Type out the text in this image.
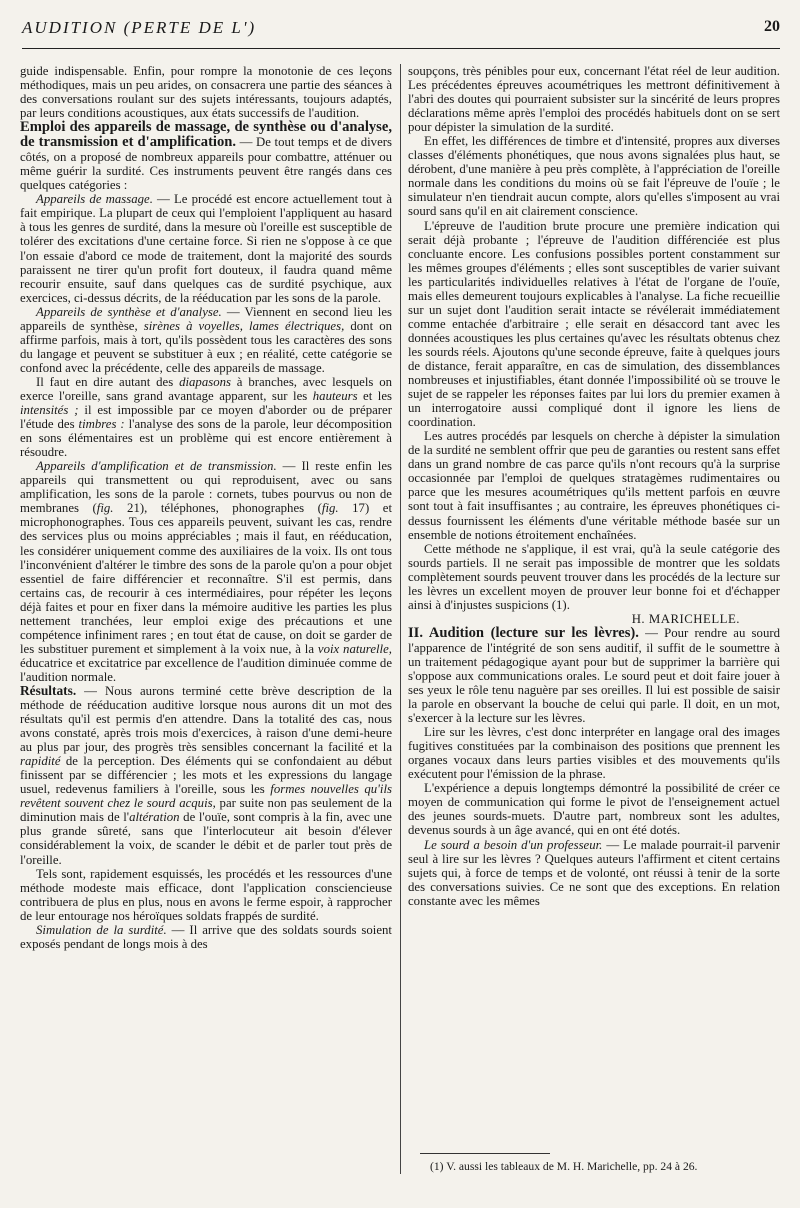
AUDITION (PERTE DE L')	20

guide indispensable. Enfin, pour rompre la monotonie de ces leçons méthodiques, mais un peu arides, on consacrera une partie des séances à des conversations roulant sur des sujets intéressants, toujours adaptés, par leurs conditions acoustiques, aux états successifs de l'audition.

Emploi des appareils de massage, de synthèse ou d'analyse, de transmission et d'amplification. — De tout temps et de divers côtés, on a proposé de nombreux appareils pour combattre, atténuer ou même guérir la surdité. Ces instruments peuvent être rangés dans ces quelques catégories :

Appareils de massage. — Le procédé est encore actuellement tout à fait empirique. La plupart de ceux qui l'emploient l'appliquent au hasard à tous les genres de surdité, dans la mesure où l'oreille est susceptible de tolérer des excitations d'une certaine force. Si rien ne s'oppose à ce que l'on essaie d'abord ce mode de traitement, dont la majorité des sourds paraissent ne tirer qu'un profit fort douteux, il faudra quand même recourir ensuite, sauf dans quelques cas de surdité psychique, aux exercices, ci-dessus décrits, de la rééducation par les sons de la parole.

Appareils de synthèse et d'analyse. — Viennent en second lieu les appareils de synthèse, sirènes à voyelles, lames électriques, dont on affirme parfois, mais à tort, qu'ils possèdent tous les caractères des sons du langage et peuvent se substituer à eux ; en réalité, cette catégorie se confond avec la précédente, celle des appareils de massage.

Il faut en dire autant des diapasons à branches, avec lesquels on exerce l'oreille, sans grand avantage apparent, sur les hauteurs et les intensités ; il est impossible par ce moyen d'aborder ou de préparer l'étude des timbres : l'analyse des sons de la parole, leur décomposition en sons élémentaires est un problème qui est encore entièrement à résoudre.

Appareils d'amplification et de transmission. — Il reste enfin les appareils qui transmettent ou qui reproduisent, avec ou sans amplification, les sons de la parole : cornets, tubes pourvus ou non de membranes (fig. 21), téléphones, phonographes (fig. 17) et microphonographes. Tous ces appareils peuvent, suivant les cas, rendre des services plus ou moins appréciables ; mais il faut, en rééducation, les considérer uniquement comme des auxiliaires de la voix. Ils ont tous l'inconvénient d'altérer le timbre des sons de la parole qu'on a pour objet essentiel de faire différencier et reconnaître. S'il est permis, dans certains cas, de recourir à ces intermédiaires, pour répéter les leçons déjà faites et pour en fixer dans la mémoire auditive les parties les plus nettement tranchées, leur emploi exige des précautions et une compétence infiniment rares ; en tout état de cause, on doit se garder de les substituer purement et simplement à la voix nue, à la voix naturelle, éducatrice et excitatrice par excellence de l'audition diminuée comme de l'audition normale.

Résultats. — Nous aurons terminé cette brève description de la méthode de rééducation auditive lorsque nous aurons dit un mot des résultats qu'il est permis d'en attendre. Dans la totalité des cas, nous avons constaté, après trois mois d'exercices, à raison d'une demi-heure au plus par jour, des progrès très sensibles concernant la facilité et la rapidité de la perception. Des éléments qui se confondaient au début finissent par se différencier ; les mots et les expressions du langage usuel, redevenus familiers à l'oreille, sous les formes nouvelles qu'ils revêtent souvent chez le sourd acquis, par suite non pas seulement de la diminution mais de l'altération de l'ouïe, sont compris à la fin, avec une plus grande sûreté, sans que l'interlocuteur ait besoin d'élever considérablement la voix, de scander le débit et de parler tout près de l'oreille.

Tels sont, rapidement esquissés, les procédés et les ressources d'une méthode modeste mais efficace, dont l'application consciencieuse contribuera de plus en plus, nous en avons le ferme espoir, à rapprocher de leur entourage nos héroïques soldats frappés de surdité.

Simulation de la surdité. — Il arrive que des soldats sourds soient exposés pendant de longs mois à des

soupçons, très pénibles pour eux, concernant l'état réel de leur audition. Les précédentes épreuves acoumétriques les mettront définitivement à l'abri des doutes qui pourraient subsister sur la sincérité de leurs propres déclarations même après l'emploi des procédés habituels dont on se sert pour dépister la simulation de la surdité.

En effet, les différences de timbre et d'intensité, propres aux diverses classes d'éléments phonétiques, que nous avons signalées plus haut, se dérobent, d'une manière à peu près complète, à l'appréciation de l'oreille normale dans les conditions du moins où se fait l'épreuve de l'ouïe ; le simulateur n'en tiendrait aucun compte, alors qu'elles s'imposent au vrai sourd sans qu'il en ait clairement conscience.

L'épreuve de l'audition brute procure une première indication qui serait déjà probante ; l'épreuve de l'audition différenciée est plus concluante encore. Les confusions possibles portent constamment sur les mêmes groupes d'éléments ; elles sont susceptibles de varier suivant les particularités individuelles relatives à l'état de l'organe de l'ouïe, mais elles demeurent toujours explicables à l'analyse. La fiche recueillie sur un sujet dont l'audition serait intacte se révélerait immédiatement comme entachée d'arbitraire ; elle serait en désaccord tant avec les données acoustiques les plus certaines qu'avec les résultats obtenus chez les sourds réels. Ajoutons qu'une seconde épreuve, faite à quelques jours de distance, ferait apparaître, en cas de simulation, des dissemblances nombreuses et injustifiables, étant donnée l'impossibilité où se trouve le sujet de se rappeler les réponses faites par lui lors du premier examen à un interrogatoire aussi compliqué dont il ignore les liens de coordination.

Les autres procédés par lesquels on cherche à dépister la simulation de la surdité ne semblent offrir que peu de garanties ou restent sans effet dans un grand nombre de cas parce qu'ils n'ont recours qu'à la surprise occasionnée par l'emploi de quelques stratagèmes rudimentaires ou parce que les mesures acoumétriques qu'ils mettent parfois en œuvre sont tout à fait insuffisantes ; au contraire, les épreuves phonétiques ci-dessus fournissent les éléments d'une véritable méthode basée sur un ensemble de notions étroitement enchaînées.

Cette méthode ne s'applique, il est vrai, qu'à la seule catégorie des sourds partiels. Il ne serait pas impossible de montrer que les soldats complètement sourds peuvent trouver dans les procédés de la lecture sur les lèvres un excellent moyen de prouver leur bonne foi et d'échapper ainsi à d'injustes suspicions (1).

H. MARICHELLE.

II. Audition (lecture sur les lèvres). — Pour rendre au sourd l'apparence de l'intégrité de son sens auditif, il suffit de le soumettre à un traitement pédagogique ayant pour but de supprimer la barrière qui s'oppose aux communications orales. Le sourd peut et doit faire jouer à ses yeux le rôle tenu naguère par ses oreilles. Il lui est possible de saisir la parole en observant la bouche de celui qui parle. Il doit, en un mot, s'exercer à la lecture sur les lèvres.

Lire sur les lèvres, c'est donc interpréter en langage oral des images fugitives constituées par la combinaison des positions que prennent les organes vocaux dans leurs parties visibles et des mouvements qu'ils exécutent pour l'émission de la phrase.

L'expérience a depuis longtemps démontré la possibilité de créer ce moyen de communication qui forme le pivot de l'enseignement actuel des jeunes sourds-muets. D'autre part, nombreux sont les adultes, devenus sourds à un âge avancé, qui en ont été dotés.

Le sourd a besoin d'un professeur. — Le malade pourrait-il parvenir seul à lire sur les lèvres ? Quelques auteurs l'affirment et citent certains sujets qui, à force de temps et de volonté, ont réussi à tenir de la sorte des conversations suivies. Ce ne sont que des exceptions. En relation constante avec les mêmes

(1) V. aussi les tableaux de M. H. Marichelle, pp. 24 à 26.
